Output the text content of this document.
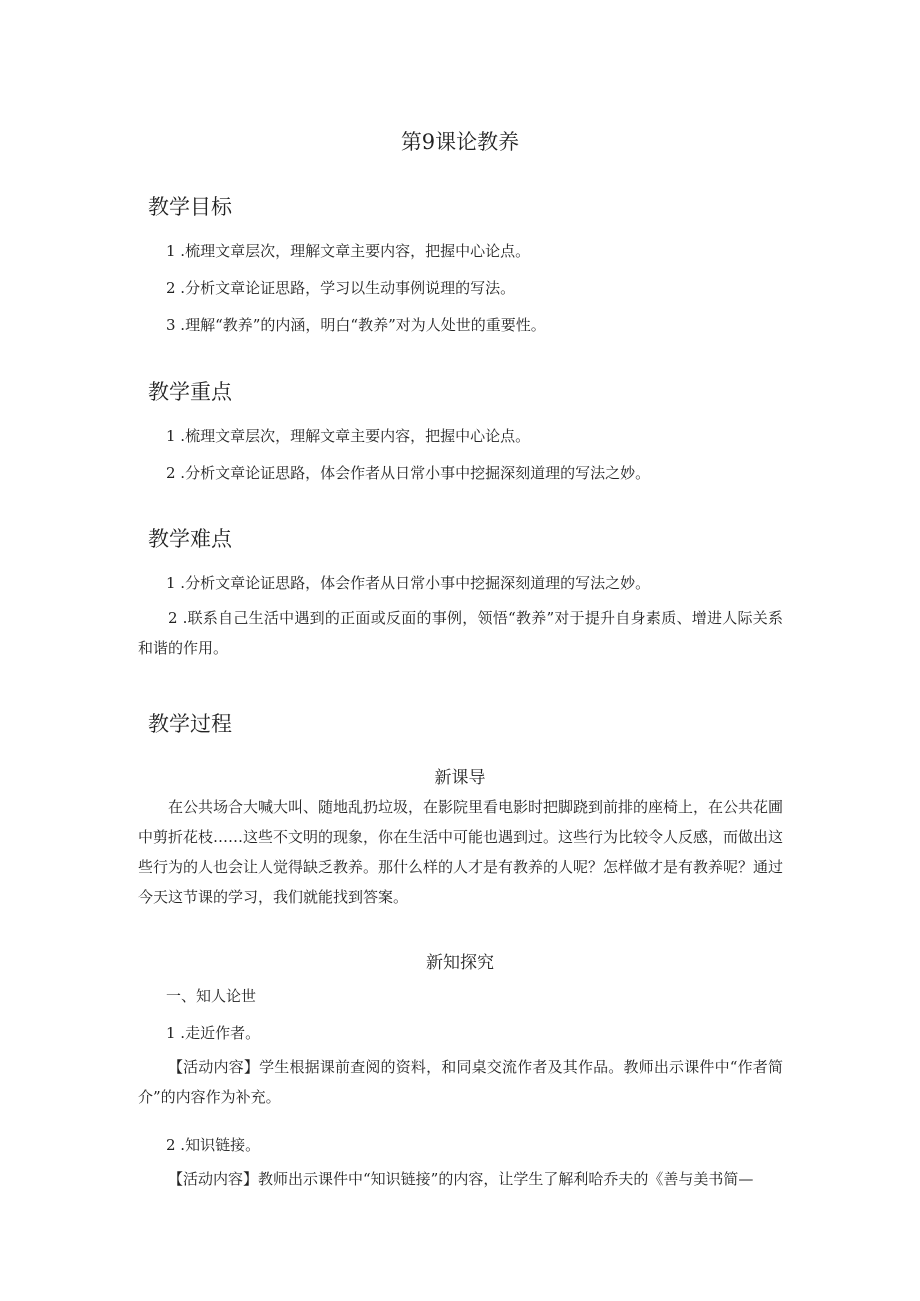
第9课论教养
教学目标
1 .梳理文章层次，理解文章主要内容，把握中心论点。
2 .分析文章论证思路，学习以生动事例说理的写法。
3 .理解“教养”的内涵，明白“教养”对为人处世的重要性。
教学重点
1 .梳理文章层次，理解文章主要内容，把握中心论点。
2 .分析文章论证思路，体会作者从日常小事中挖掘深刻道理的写法之妙。
教学难点
1 .分析文章论证思路，体会作者从日常小事中挖掘深刻道理的写法之妙。
2 .联系自己生活中遇到的正面或反面的事例，领悟“教养”对于提升自身素质、增进人际关系和谐的作用。
教学过程
新课导
在公共场合大喊大叫、随地乱扔垃圾，在影院里看电影时把脚跷到前排的座椅上，在公共花圃中剪折花枝……这些不文明的现象，你在生活中可能也遇到过。这些行为比较令人反感，而做出这些行为的人也会让人觉得缺乏教养。那什么样的人才是有教养的人呢？怎样做才是有教养呢？通过今天这节课的学习，我们就能找到答案。
新知探究
一、知人论世
1 .走近作者。
【活动内容】学生根据课前查阅的资料，和同桌交流作者及其作品。教师出示课件中“作者简介”的内容作为补充。
2 .知识链接。
【活动内容】教师出示课件中“知识链接”的内容，让学生了解利哈乔夫的《善与美书简—
